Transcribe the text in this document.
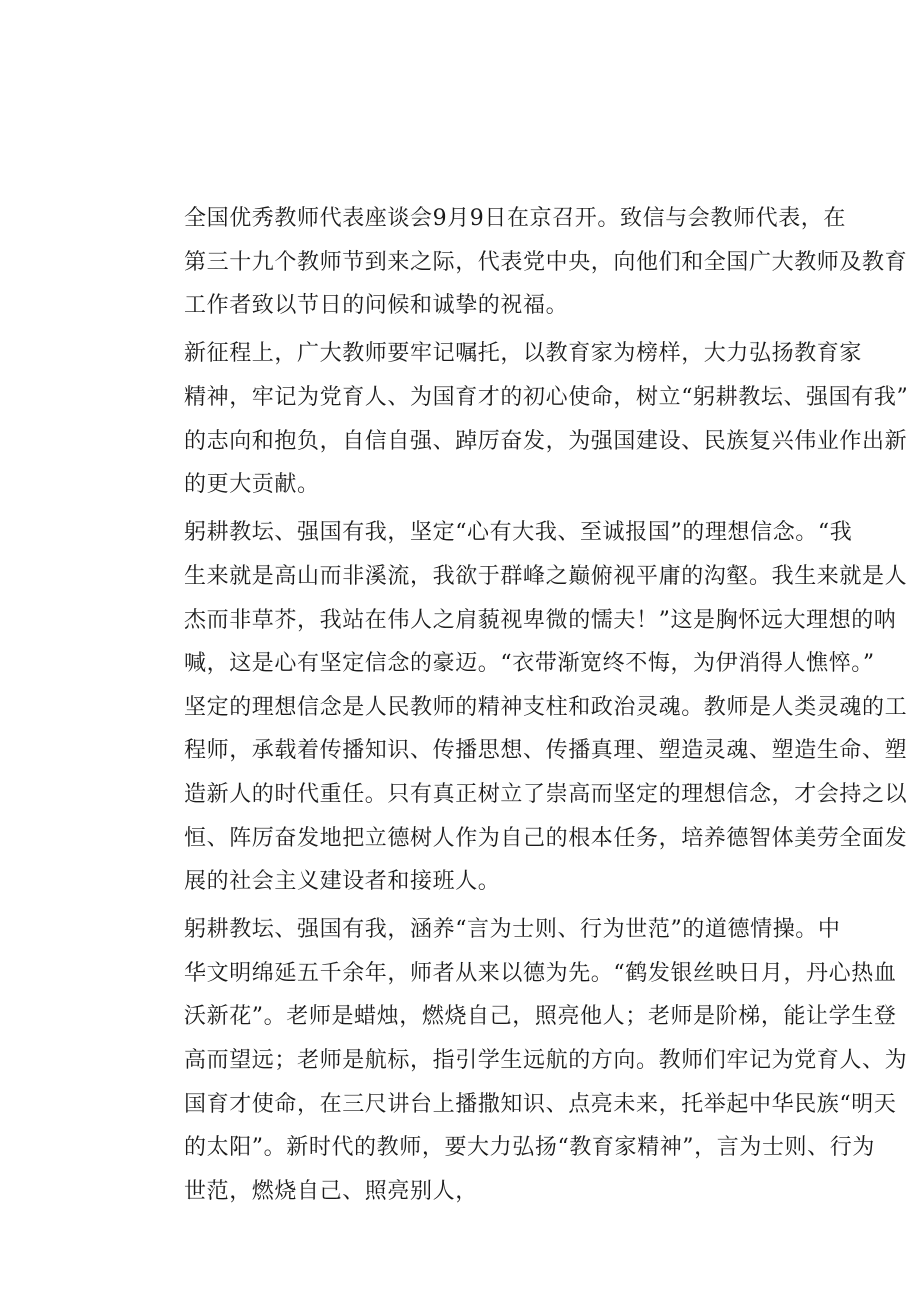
全国优秀教师代表座谈会9月9日在京召开。致信与会教师代表，在
第三十九个教师节到来之际，代表党中央，向他们和全国广大教师及教育
工作者致以节日的问候和诚挚的祝福。

新征程上，广大教师要牢记嘱托，以教育家为榜样，大力弘扬教育家
精神，牢记为党育人、为国育才的初心使命，树立“躬耕教坛、强国有我”
的志向和抱负，自信自强、踔厉奋发，为强国建设、民族复兴伟业作出新
的更大贡献。

躬耕教坛、强国有我，坚定“心有大我、至诚报国”的理想信念。“我
生来就是高山而非溪流，我欲于群峰之巅俯视平庸的沟壑。我生来就是人
杰而非草芥，我站在伟人之肩藐视卑微的懦夫！”这是胸怀远大理想的呐
喊，这是心有坚定信念的豪迈。“衣带渐宽终不悔，为伊消得人憔悴。”
坚定的理想信念是人民教师的精神支柱和政治灵魂。教师是人类灵魂的工
程师，承载着传播知识、传播思想、传播真理、塑造灵魂、塑造生命、塑
造新人的时代重任。只有真正树立了崇高而坚定的理想信念，才会持之以
恒、阵厉奋发地把立德树人作为自己的根本任务，培养德智体美劳全面发
展的社会主义建设者和接班人。

躬耕教坛、强国有我，涵养“言为士则、行为世范”的道德情操。中
华文明绵延五千余年，师者从来以德为先。“鹤发银丝映日月，丹心热血
沃新花”。老师是蜡烛，燃烧自己，照亮他人；老师是阶梯，能让学生登
高而望远；老师是航标，指引学生远航的方向。教师们牢记为党育人、为
国育才使命，在三尺讲台上播撒知识、点亮未来，托举起中华民族“明天
的太阳”。新时代的教师，要大力弘扬“教育家精神”，言为士则、行为
世范，燃烧自己、照亮别人，
